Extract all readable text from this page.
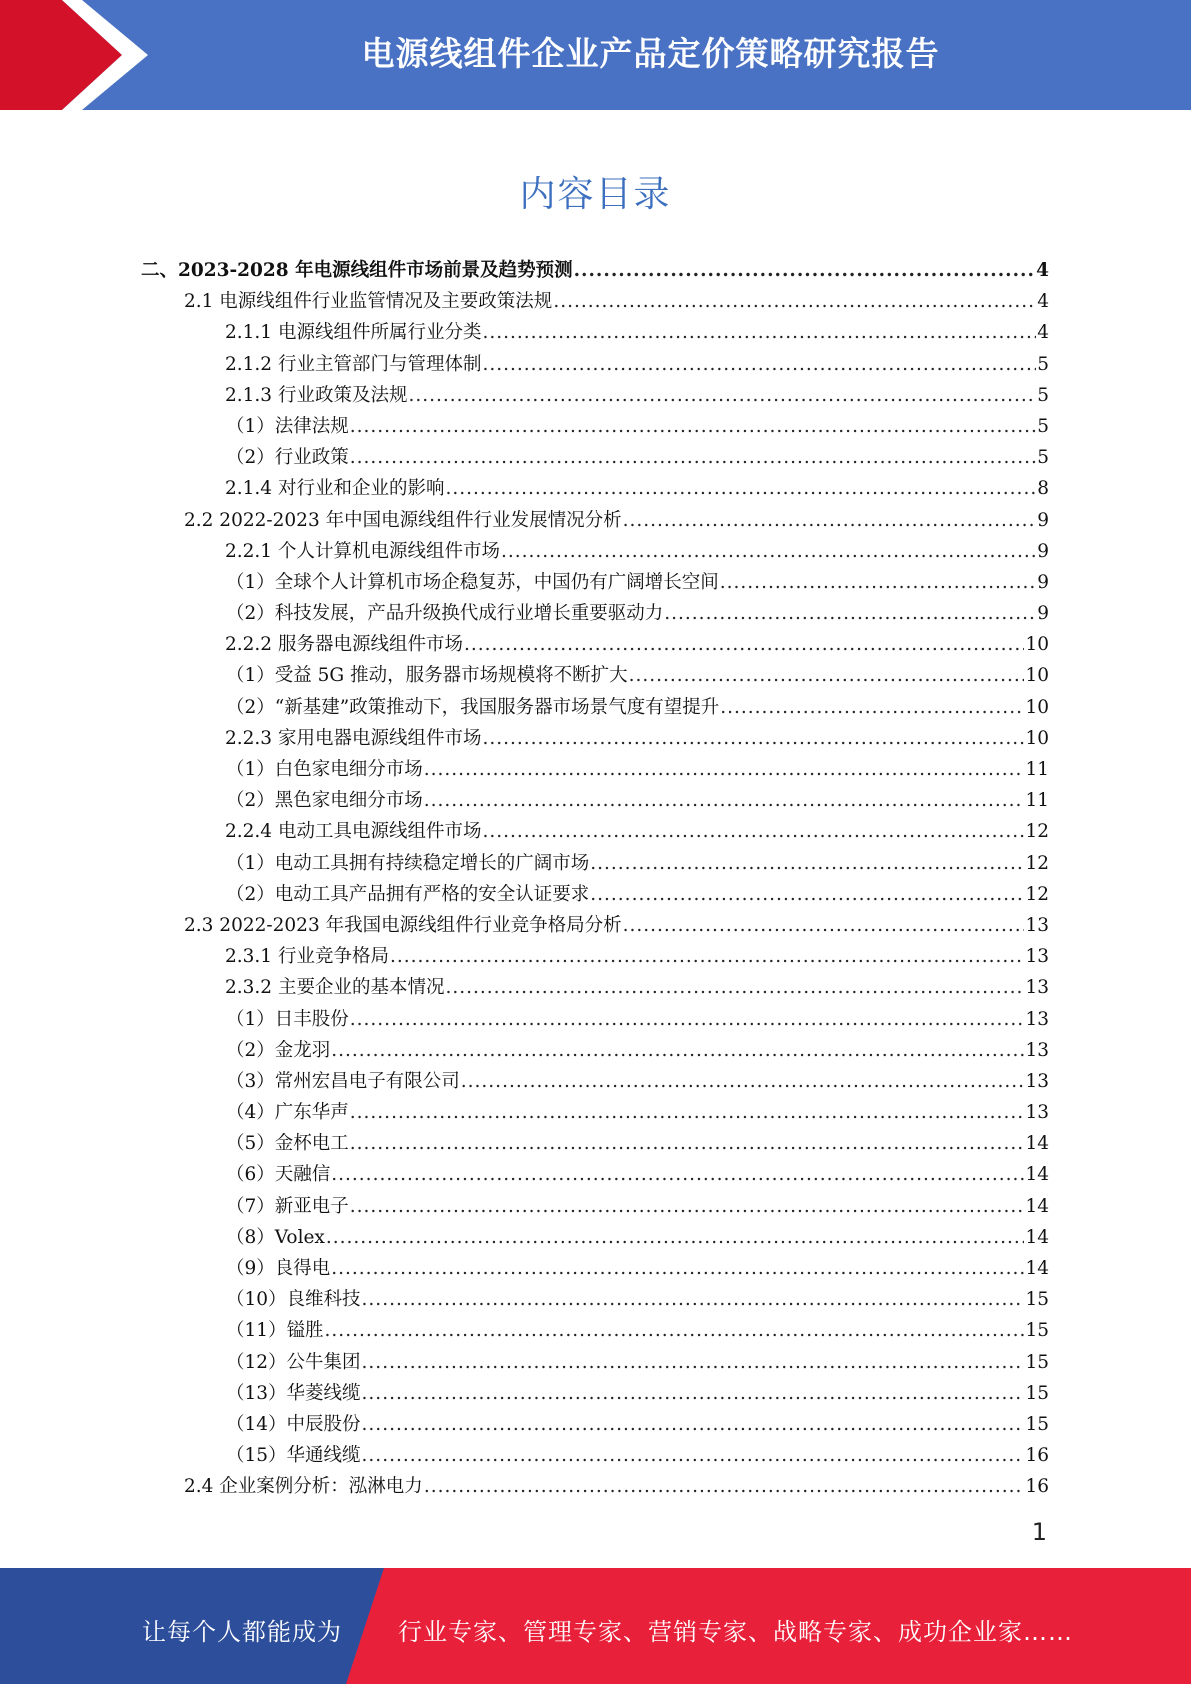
电源线组件企业产品定价策略研究报告
内容目录
二、2023-2028 年电源线组件市场前景及趋势预测 .....	4
2.1 电源线组件行业监管情况及主要政策法规 .....	4
2.1.1 电源线组件所属行业分类 .....	4
2.1.2 行业主管部门与管理体制 .....	5
2.1.3 行业政策及法规 .....	5
（1）法律法规 .....	5
（2）行业政策 .....	5
2.1.4 对行业和企业的影响 .....	8
2.2 2022-2023 年中国电源线组件行业发展情况分析 .....	9
2.2.1 个人计算机电源线组件市场 .....	9
（1）全球个人计算机市场企稳复苏，中国仍有广阔增长空间 .....	9
（2）科技发展，产品升级换代成行业增长重要驱动力 .....	9
2.2.2 服务器电源线组件市场 .....	10
（1）受益 5G 推动，服务器市场规模将不断扩大 .....	10
（2）“新基建”政策推动下，我国服务器市场景气度有望提升 .....	10
2.2.3 家用电器电源线组件市场 .....	10
（1）白色家电细分市场 .....	11
（2）黑色家电细分市场 .....	11
2.2.4 电动工具电源线组件市场 .....	12
（1）电动工具拥有持续稳定增长的广阔市场 .....	12
（2）电动工具产品拥有严格的安全认证要求 .....	12
2.3 2022-2023 年我国电源线组件行业竞争格局分析 .....	13
2.3.1 行业竞争格局 .....	13
2.3.2 主要企业的基本情况 .....	13
（1）日丰股份 .....	13
（2）金龙羽 .....	13
（3）常州宏昌电子有限公司 .....	13
（4）广东华声 .....	13
（5）金杯电工 .....	14
（6）天融信 .....	14
（7）新亚电子 .....	14
（8）Volex .....	14
（9）良得电 .....	14
（10）良维科技 .....	15
（11）镒胜 .....	15
（12）公牛集团 .....	15
（13）华菱线缆 .....	15
（14）中辰股份 .....	15
（15）华通线缆 .....	16
2.4 企业案例分析：泓淋电力 .....	16
1
让每个人都能成为 行业专家、管理专家、营销专家、战略专家、成功企业家……
